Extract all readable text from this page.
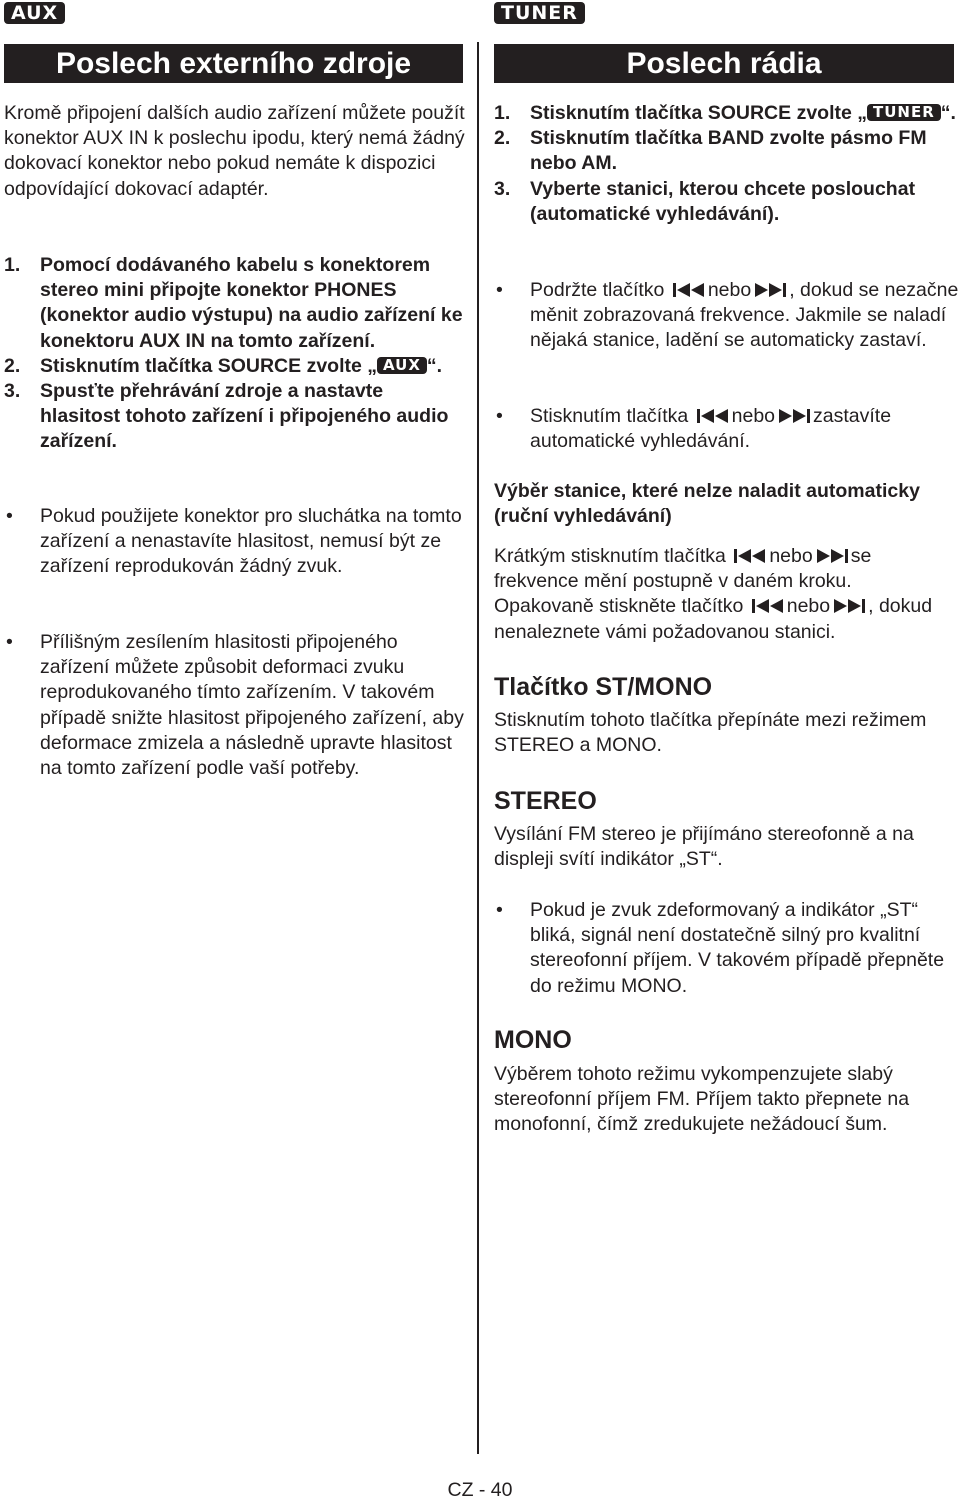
AUX
Poslech externího zdroje

Kromě připojení dalších audio zařízení můžete použít konektor AUX IN k poslechu ipodu, který nemá žádný dokovací konektor nebo pokud nemáte k dispozici odpovídající dokovací adaptér.

1. Pomocí dodávaného kabelu s konektorem stereo mini připojte konektor PHONES (konektor audio výstupu) na audio zařízení ke konektoru AUX IN na tomto zařízení.
2. Stisknutím tlačítka SOURCE zvolte „ AUX “.
3. Spusťte přehrávání zdroje a nastavte hlasitost tohoto zařízení i připojeného audio zařízení.
• Pokud použijete konektor pro sluchátka na tomto zařízení a nenastavíte hlasitost, nemusí být ze zařízení reprodukován žádný zvuk.
• Přílišným zesílením hlasitosti připojeného zařízení můžete způsobit deformaci zvuku reprodukovaného tímto zařízením. V takovém případě snižte hlasitost připojeného zařízení, aby deformace zmizela a následně upravte hlasitost na tomto zařízení podle vaší potřeby.
TUNER
Poslech rádia
1. Stisknutím tlačítka SOURCE zvolte „ TUNER “.
2. Stisknutím tlačítka BAND zvolte pásmo FM nebo AM.
3. Vyberte stanici, kterou chcete poslouchat (automatické vyhledávání).
• Podržte tlačítko nebo , dokud se nezačne měnit zobrazovaná frekvence. Jakmile se naladí nějaká stanice, ladění se automaticky zastaví.
• Stisknutím tlačítka nebo zastavíte automatické vyhledávání.

Výběr stanice, které nelze naladit automaticky (ruční vyhledávání)

Krátkým stisknutím tlačítka nebo se frekvence mění postupně v daném kroku.
Opakovaně stiskněte tlačítko nebo , dokud nenaleznete vámi požadovanou stanici.

Tlačítko ST/MONO

Stisknutím tohoto tlačítka přepínáte mezi režimem STEREO a MONO.

STEREO

Vysílání FM stereo je přijímáno stereofonně a na displeji svítí indikátor „ST“.

• Pokud je zvuk zdeformovaný a indikátor „ST“ bliká, signál není dostatečně silný pro kvalitní stereofonní příjem. V takovém případě přepněte do režimu MONO.
MONO

Výběrem tohoto režimu vykompenzujete slabý stereofonní příjem FM. Příjem takto přepnete na monofonní, čímž zredukujete nežádoucí šum.

CZ - 40
